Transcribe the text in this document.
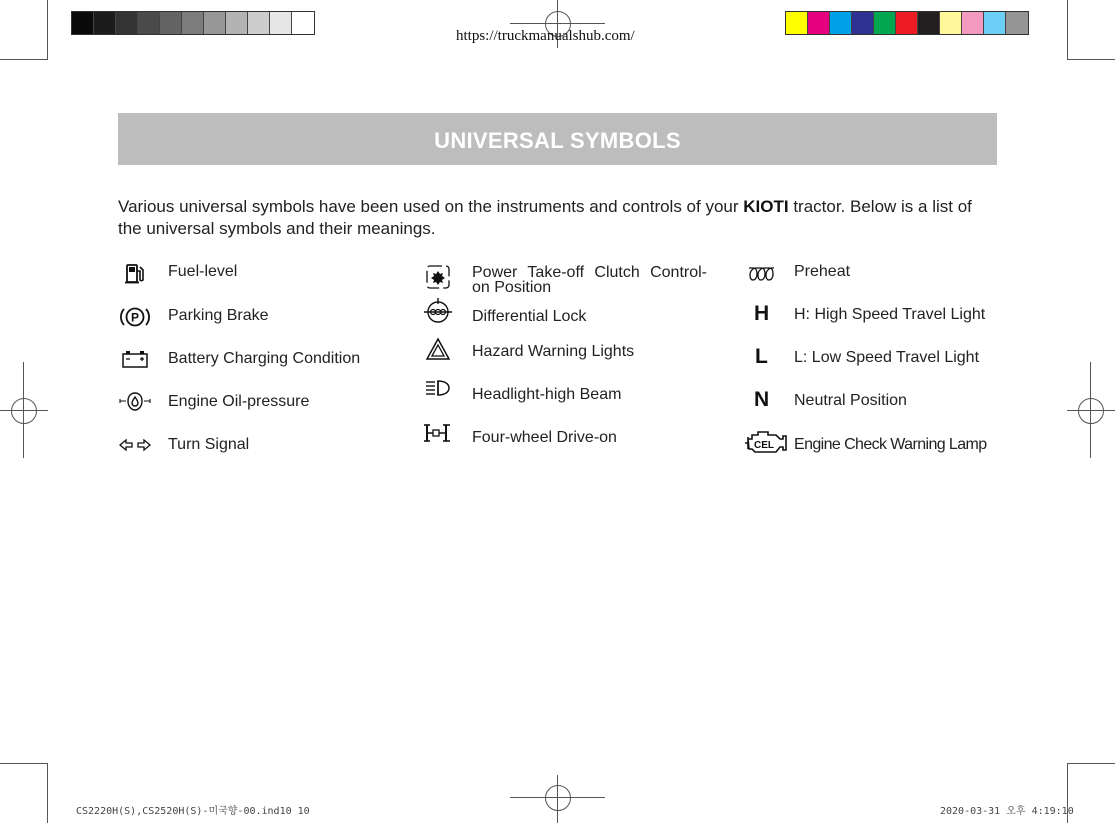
https://truckmanualshub.com/
UNIVERSAL SYMBOLS
Various universal symbols have been used on the instruments and controls of your KIOTI tractor. Below is a list of the universal symbols and their meanings.
Fuel-level
P Parking Brake
Battery Charging Condition
Engine Oil-pressure
Turn Signal
Power Take-off Clutch Control-on Position
Differential Lock
Hazard Warning Lights
Headlight-high Beam
Four-wheel Drive-on
Preheat
H H: High Speed Travel Light
L L: Low Speed Travel Light
N Neutral Position
CEL Engine Check Warning Lamp
CS2220H(S),CS2520H(S)-미국향-00.ind10 10	2020-03-31 오후 4:19:10
